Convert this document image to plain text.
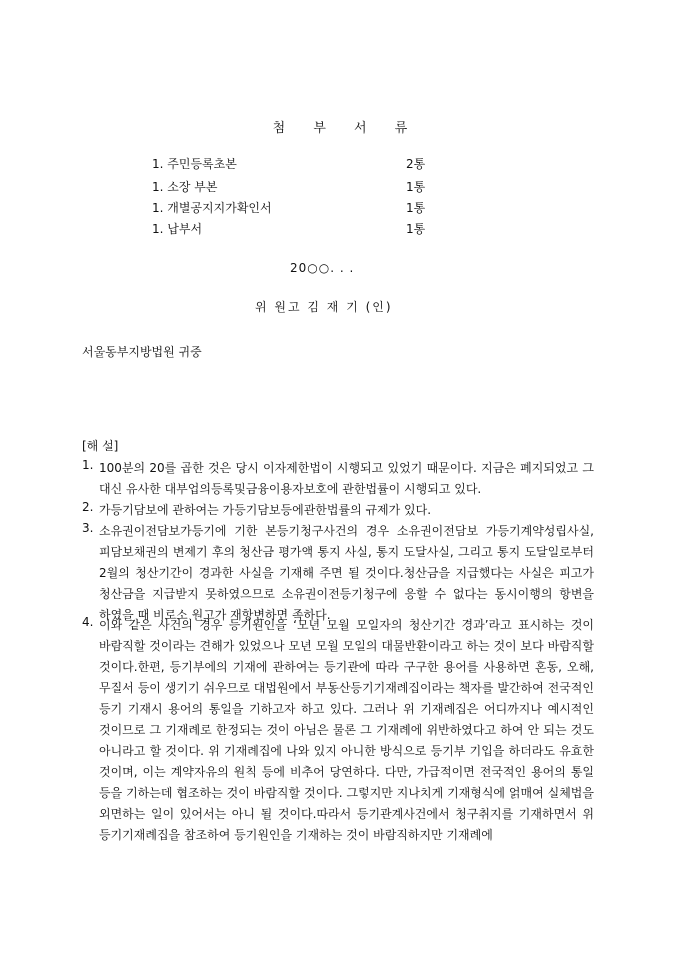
첨 부 서 류
1. 주민등록초본	2통
1. 소장 부본	1통
1. 개별공지지가확인서	1통
1. 납부서	1통
20○○. . .
위 원고 김 재 기 (인)
서울동부지방법원 귀중
[해 설]
1. 100분의 20를 곱한 것은 당시 이자제한법이 시행되고 있었기 때문이다. 지금은 폐지되었고 그 대신 유사한 대부업의등록및금융이용자보호에 관한법률이 시행되고 있다.
2. 가등기담보에 관하여는 가등기담보등에관한법률의 규제가 있다.
3. 소유권이전담보가등기에 기한 본등기청구사건의 경우 소유권이전담보 가등기계약성립사실, 피담보채권의 변제기 후의 청산금 평가액 통지 사실, 통지 도달사실, 그리고 통지 도달일로부터 2월의 청산기간이 경과한 사실을 기재해 주면 될 것이다.청산금을 지급했다는 사실은 피고가 청산금을 지급받지 못하였으므로 소유권이전등기청구에 응할 수 없다는 동시이행의 항변을 하였을 때 비로소 원고가 재항변하면 족하다.
4. 이와 같은 사건의 경우 등기원인을 ‘모년 모월 모일자의 청산기간 경과’라고 표시하는 것이 바람직할 것이라는 견해가 있었으나 모년 모월 모일의 대물반환이라고 하는 것이 보다 바람직할 것이다.한편, 등기부에의 기재에 관하여는 등기관에 따라 구구한 용어를 사용하면 혼동, 오해, 무질서 등이 생기기 쉬우므로 대법원에서 부동산등기기재례집이라는 책자를 발간하여 전국적인 등기 기재시 용어의 통일을 기하고자 하고 있다. 그러나 위 기재례집은 어디까지나 예시적인 것이므로 그 기재례로 한정되는 것이 아님은 물론 그 기재례에 위반하였다고 하여 안 되는 것도 아니라고 할 것이다. 위 기재례집에 나와 있지 아니한 방식으로 등기부 기입을 하더라도 유효한 것이며, 이는 계약자유의 원칙 등에 비추어 당연하다. 다만, 가급적이면 전국적인 용어의 통일 등을 기하는데 협조하는 것이 바람직할 것이다. 그렇지만 지나치게 기재형식에 얽매여 실체법을 외면하는 일이 있어서는 아니 될 것이다.따라서 등기관계사건에서 청구취지를 기재하면서 위 등기기재례집을 참조하여 등기원인을 기재하는 것이 바람직하지만 기재례에
